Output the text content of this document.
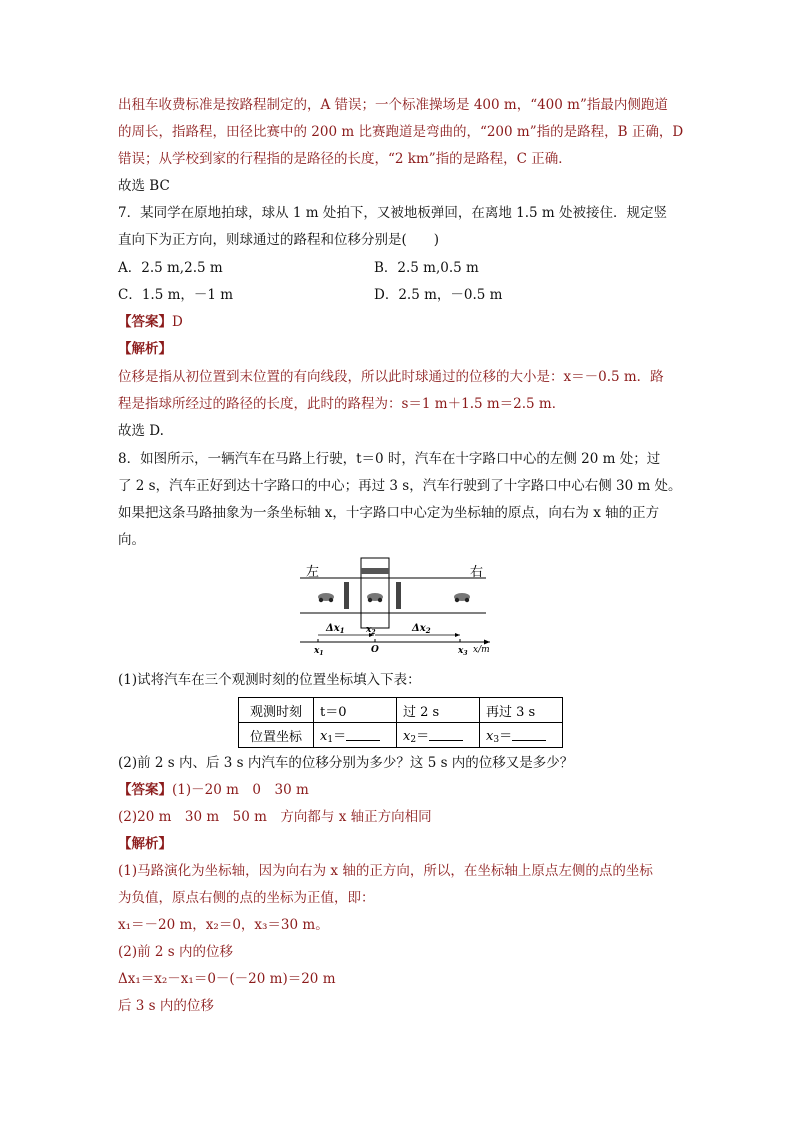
出租车收费标准是按路程制定的，A 错误；一个标准操场是 400 m，“400 m”指最内侧跑道
的周长，指路程，田径比赛中的 200 m 比赛跑道是弯曲的，“200 m”指的是路程，B 正确，D
错误；从学校到家的行程指的是路径的长度，“2 km”指的是路程，C 正确．
故选 BC
7．某同学在原地拍球，球从 1 m 处拍下，又被地板弹回，在离地 1.5 m 处被接住．规定竖
直向下为正方向，则球通过的路程和位移分别是(　　)
A．2.5 m,2.5 m	B．2.5 m,0.5 m
C．1.5 m，－1 m	D．2.5 m，－0.5 m
【答案】D
【解析】
位移是指从初位置到末位置的有向线段，所以此时球通过的位移的大小是：x＝－0.5 m．路
程是指球所经过的路径的长度，此时的路程为：s＝1 m＋1.5 m＝2.5 m．
故选 D.
8．如图所示，一辆汽车在马路上行驶，t＝0 时，汽车在十字路口中心的左侧 20 m 处；过
了 2 s，汽车正好到达十字路口的中心；再过 3 s，汽车行驶到了十字路口中心右侧 30 m 处。
如果把这条马路抽象为一条坐标轴 x，十字路口中心定为坐标轴的原点，向右为 x 轴的正方
向。
左	右
$\Delta x_1$ $x_2$	$\Delta x_2$
$x_1$	O	$x_3$ x/m
(1)试将汽车在三个观测时刻的位置坐标填入下表：
观测时刻	t＝0	过 2 s	再过 3 s
位置坐标	$x_1=$	$x_2=$	$x_3=$
(2)前 2 s 内、后 3 s 内汽车的位移分别为多少？这 5 s 内的位移又是多少？
【答案】(1)－20 m　0　30 m
(2)20 m　30 m　50 m　方向都与 x 轴正方向相同
【解析】
(1)马路演化为坐标轴，因为向右为 x 轴的正方向，所以，在坐标轴上原点左侧的点的坐标
为负值，原点右侧的点的坐标为正值，即：
x₁＝－20 m，x₂＝0，x₃＝30 m。
(2)前 2 s 内的位移
Δx₁＝x₂－x₁＝0－(－20 m)＝20 m
后 3 s 内的位移
